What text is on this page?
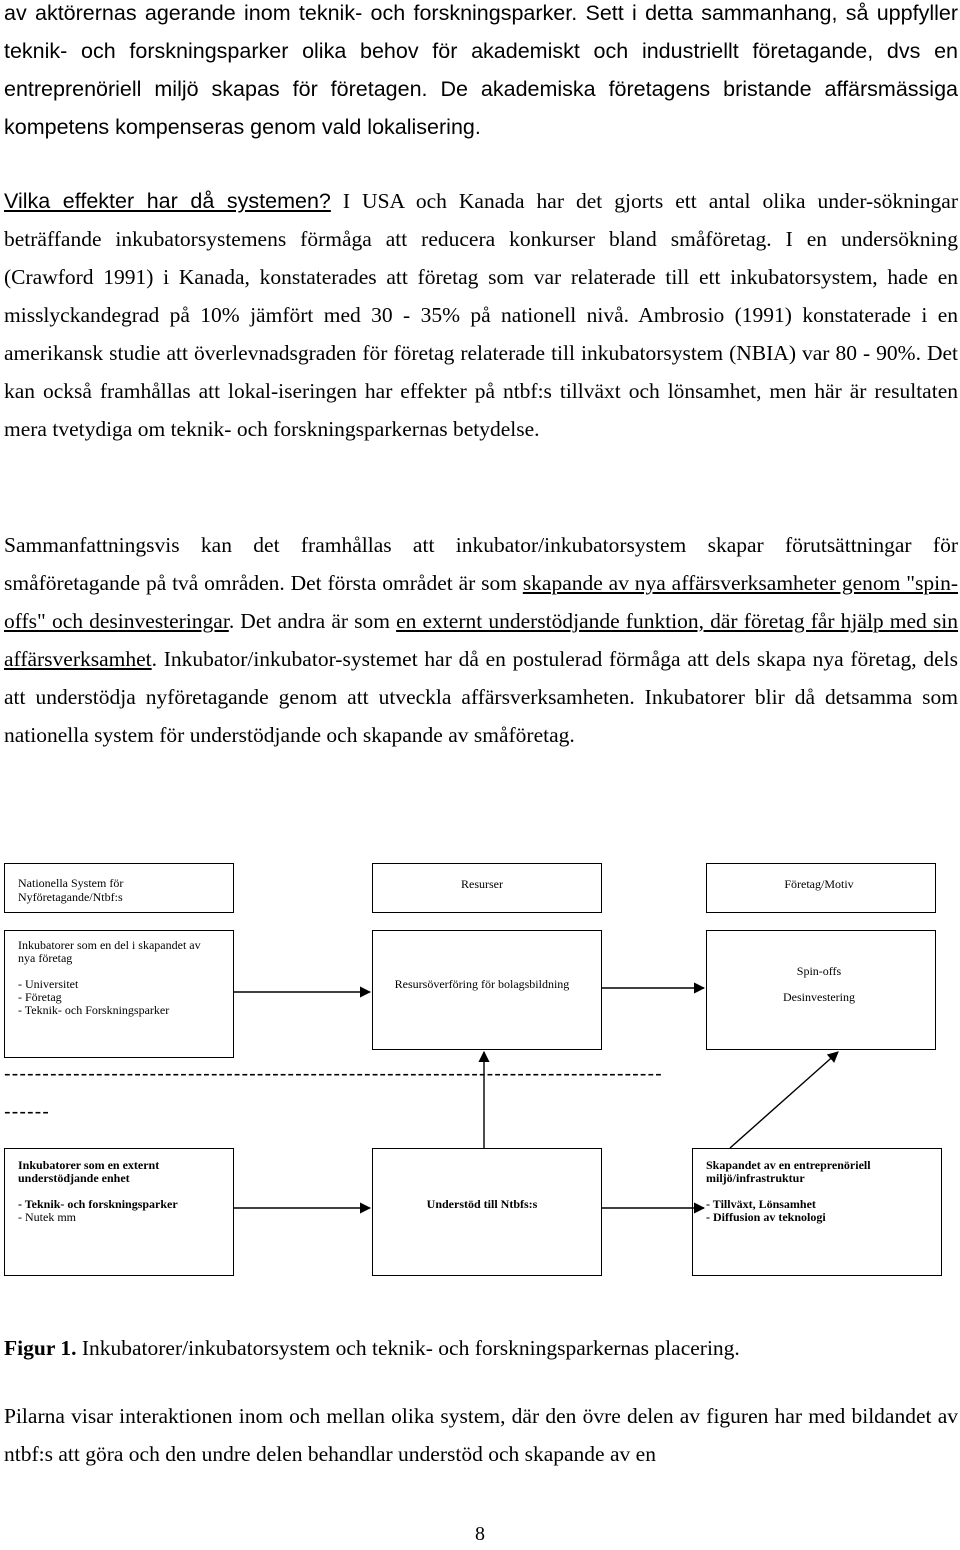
av aktörernas agerande inom teknik- och forskningsparker. Sett i detta sammanhang, så uppfyller teknik- och forskningsparker olika behov för akademiskt och industriellt företagande, dvs en entreprenöriell miljö skapas för företagen. De akademiska företagens bristande affärsmässiga kompetens kompenseras genom vald lokalisering.
Vilka effekter har då systemen? I USA och Kanada har det gjorts ett antal olika under-sökningar beträffande inkubatorsystemens förmåga att reducera konkurser bland småföretag. I en undersökning (Crawford 1991) i Kanada, konstaterades att företag som var relaterade till ett inkubatorsystem, hade en misslyckandegrad på 10% jämfört med 30 - 35% på nationell nivå. Ambrosio (1991) konstaterade i en amerikansk studie att överlevnadsgraden för företag relaterade till inkubatorsystem (NBIA) var 80 - 90%. Det kan också framhållas att lokal-iseringen har effekter på ntbf:s tillväxt och lönsamhet, men här är resultaten mera tvetydiga om teknik- och forskningsparkernas betydelse.
Sammanfattningsvis kan det framhållas att inkubator/inkubatorsystem skapar förutsättningar för småföretagande på två områden. Det första området är som skapande av nya affärsverksamheter genom "spin-offs" och desinvesteringar. Det andra är som en externt understödjande funktion, där företag får hjälp med sin affärsverksamhet. Inkubator/inkubator-systemet har då en postulerad förmåga att dels skapa nya företag, dels att understödja nyföretagande genom att utveckla affärsverksamheten. Inkubatorer blir då detsamma som nationella system för understödjande och skapande av småföretag.
Nationella System för
Nyföretagande/Ntbf:s
Resurser	Företag/Motiv
Inkubatorer som en del i skapandet av
nya företag
- Universitet
- Företag
- Teknik- och Forskningsparker
Resursöverföring för bolagsbildning
Spin-offs
Desinvestering
--------------------------------------------------------------------------------------
------
Inkubatorer som en externt
understödjande enhet
- Teknik- och forskningsparker
- Nutek mm
Understöd till Ntbfs:s
Skapandet av en entreprenöriell
miljö/infrastruktur
- Tillväxt, Lönsamhet
- Diffusion av teknologi
Figur 1. Inkubatorer/inkubatorsystem och teknik- och forskningsparkernas placering.
Pilarna visar interaktionen inom och mellan olika system, där den övre delen av figuren har med bildandet av ntbf:s att göra och den undre delen behandlar understöd och skapande av en
8
